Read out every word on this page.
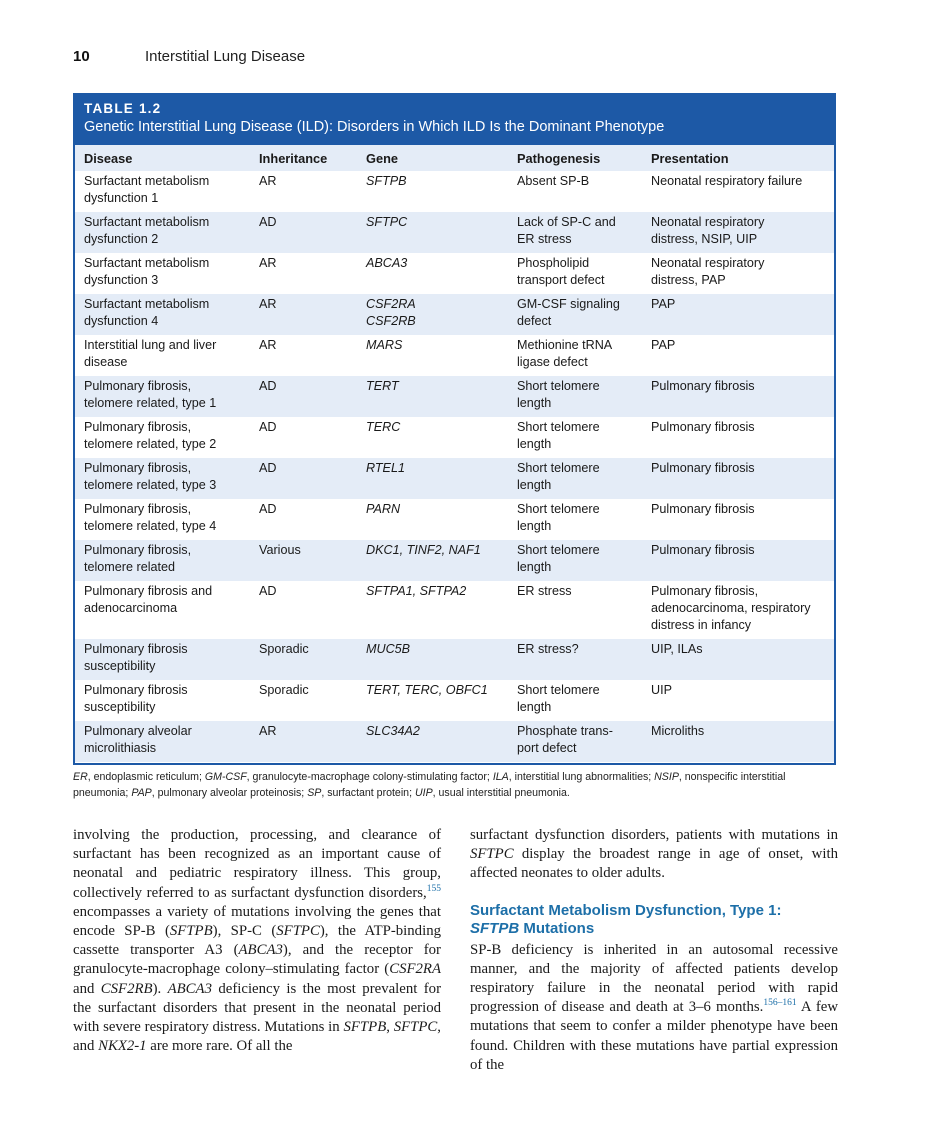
10	Interstitial Lung Disease
TABLE 1.2
Genetic Interstitial Lung Disease (ILD): Disorders in Which ILD Is the Dominant Phenotype
Disease	Inheritance	Gene	Pathogenesis	Presentation

Surfactant metabolism
dysfunction 1	AR	SFTPB	Absent SP-B	Neonatal respiratory failure

Surfactant metabolism
dysfunction 2	AD	SFTPC	Lack of SP-C and
ER stress	Neonatal respiratory
distress, NSIP, UIP

Surfactant metabolism
dysfunction 3	AR	ABCA3	Phospholipid
transport defect	Neonatal respiratory
distress, PAP

Surfactant metabolism
dysfunction 4	AR	CSF2RA
CSF2RB	GM-CSF signaling
defect	PAP

Interstitial lung and liver
disease	AR	MARS	Methionine tRNA
ligase defect	PAP

Pulmonary fibrosis,
telomere related, type 1	AD	TERT	Short telomere
length	Pulmonary fibrosis

Pulmonary fibrosis,
telomere related, type 2	AD	TERC	Short telomere
length	Pulmonary fibrosis

Pulmonary fibrosis,
telomere related, type 3	AD	RTEL1	Short telomere
length	Pulmonary fibrosis

Pulmonary fibrosis,
telomere related, type 4	AD	PARN	Short telomere
length	Pulmonary fibrosis

Pulmonary fibrosis,
telomere related	Various	DKC1, TINF2, NAF1	Short telomere
length	Pulmonary fibrosis

Pulmonary fibrosis and
adenocarcinoma	AD	SFTPA1, SFTPA2	ER stress	Pulmonary fibrosis,
adenocarcinoma, respiratory
distress in infancy

Pulmonary fibrosis
susceptibility	Sporadic	MUC5B	ER stress?	UIP, ILAs

Pulmonary fibrosis
susceptibility	Sporadic	TERT, TERC, OBFC1	Short telomere
length	UIP

Pulmonary alveolar
microlithiasis	AR	SLC34A2	Phosphate trans-
port defect	Microliths
ER, endoplasmic reticulum; GM-CSF, granulocyte-macrophage colony-stimulating factor; ILA, interstitial lung abnormalities; NSIP, nonspecific interstitial pneumonia; PAP, pulmonary alveolar proteinosis; SP, surfactant protein; UIP, usual interstitial pneumonia.

involving the production, processing, and clearance of surfactant has been recognized as an important cause of neonatal and pediatric respiratory illness. This group, collectively referred to as surfactant dysfunction disorders,$^{155}$ encompasses a variety of mutations involving the genes that encode SP-B (SFTPB), SP-C (SFTPC), the ATP-binding cassette transporter A3 (ABCA3), and the receptor for granulocyte-macrophage colony–stimulating factor (CSF2RA and CSF2RB). ABCA3 deficiency is the most prevalent for the surfactant disorders that present in the neonatal period with severe respiratory distress. Mutations in SFTPB, SFTPC, and NKX2-1 are more rare. Of all the

surfactant dysfunction disorders, patients with mutations in SFTPC display the broadest range in age of onset, with affected neonates to older adults.

Surfactant Metabolism Dysfunction, Type 1:
SFTPB Mutations

SP-B deficiency is inherited in an autosomal recessive manner, and the majority of affected patients develop respiratory failure in the neonatal period with rapid progression of disease and death at 3–6 months.$^{156-161}$ A few mutations that seem to confer a milder phenotype have been found. Children with these mutations have partial expression of the
